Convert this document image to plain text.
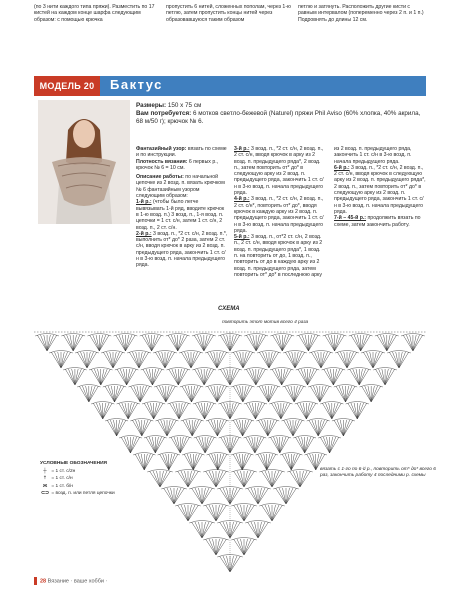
(по 3 нити каждого типа пряжи). Разместить по 17 кистей на каждом конце шарфа следующим образом: с помощью крючка
пропустить 6 нитей, сложенных пополам, через 1-ю петлю, затем пропустить концы нитей через образовавшуюся таким образом
петлю и затянуть. Расположить другие кисти с равным интервалом (попеременно через 2 п. и 1 п.) Подровнять до длины 12 см.
МОДЕЛЬ 20	Бактус
Размеры: 150 x 75 см
Вам потребуется: 6 мотков светло-бежевой (Naturel) пряжи Phil Aviso (60% хлопка, 40% акрила, 68 м/50 г); крючок № 6.
Фантазийный узор: вязать по схеме и по инструкции.
Плотность вязания: 6 первых р., крючок № 6 = 10 см.
Описание работы: по начальной цепочке из 2 возд. п. вязать крючком № 6 фантазийным узором следующим образом:
1-й р.: (чтобы было легче вывязывать 1-й ряд, вводите крючок в 1-ю возд. п.) 3 возд. п., 1-я возд. п. цепочки = 1 ст. с/н, затем 1 ст. с/н, 2 возд. п., 2 ст. с/н.
2-й р.: 3 возд. п., *2 ст. с/н, 2 возд. п.*, выполнить от* до* 2 раза, затем 2 ст. с/н, вводя крючок в арку из 2 возд. п. предыдущего ряда, закончить 1 ст. с/н в 3-ю возд. п. начала предыдущего ряда.
3-й р.: 3 возд. п., *2 ст. с/н, 2 возд. п., 2 ст. с/н, вводя крючок в арку из 2 возд. п. предыдущего ряда*, 2 возд. п., затем повторить от* до* в следующую арку из 2 возд. п. предыдущего ряда, закончить 1 ст. с/н в 3-ю возд. п. начала предыдущего ряда.
4-й р.: 3 возд. п., *2 ст. с/н, 2 возд. п., 2 ст. с/н*, повторить от* до*, вводя крючок в каждую арку из 2 возд. п. предыдущего ряда, закончить 1 ст. с/н в 3-ю возд. п. начала предыдущего ряда.
5-й р.: 3 возд. п., от*2 ст. с/н, 2 возд. п., 2 ст. с/н, вводя крючок в арку из 2 возд. п. предыдущего ряда*, 1 возд. п. на повторить от до, 1 возд. п., повторить от до в каждую арку из 2 возд. п. предыдущего ряда, затем повторить от* до* в последнюю арку
из 2 возд. п. предыдущего ряда, закончить 1 ст. с/н в 3-ю возд. п. начала предыдущего ряда.
6-й р.: 3 возд. п., *2 ст. с/н, 2 возд. п., 2 ст. с/н, вводя крючок в следующую арку из 2 возд. п. предыдущего ряда*, 2 возд. п., затем повторить от* до* в следующую арку из 2 возд. п. предыдущего ряда, закончить 1 ст. с/н в 3-ю возд. п. начала предыдущего ряда.
7-й – 45-й р.: продолжить вязать по схеме, затем закончить работу.
СХЕМА
повторить этот мотив всего 4 раза
УСЛОВНЫЕ ОБОЗНАЧЕНИЯ
┼ = 1 ст. с/2н
† = 1 ст. с/н
Ж = 1 ст. б/н
⊂⊃ = возд. п. или петля цепочки
вязать с 1-го по 6-й р., повторить от* до* всего 6 раз, закончить работу 4 последними р. схемы
28 Вязание · ваше хобби ·
